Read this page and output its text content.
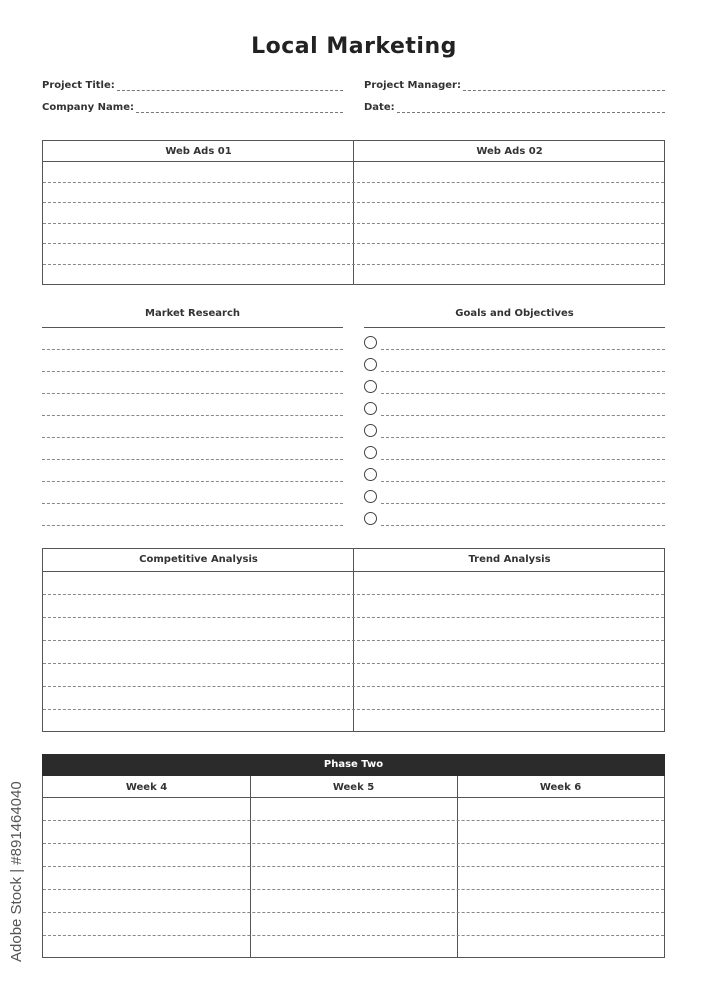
Local Marketing
Project Title:
Company Name:
Project Manager:
Date:
Web Ads 01	Web Ads 02
Market Research	Goals and Objectives
Competitive Analysis	Trend Analysis
Phase Two
Week 4	Week 5	Week 6
Adobe Stock | #891464040
